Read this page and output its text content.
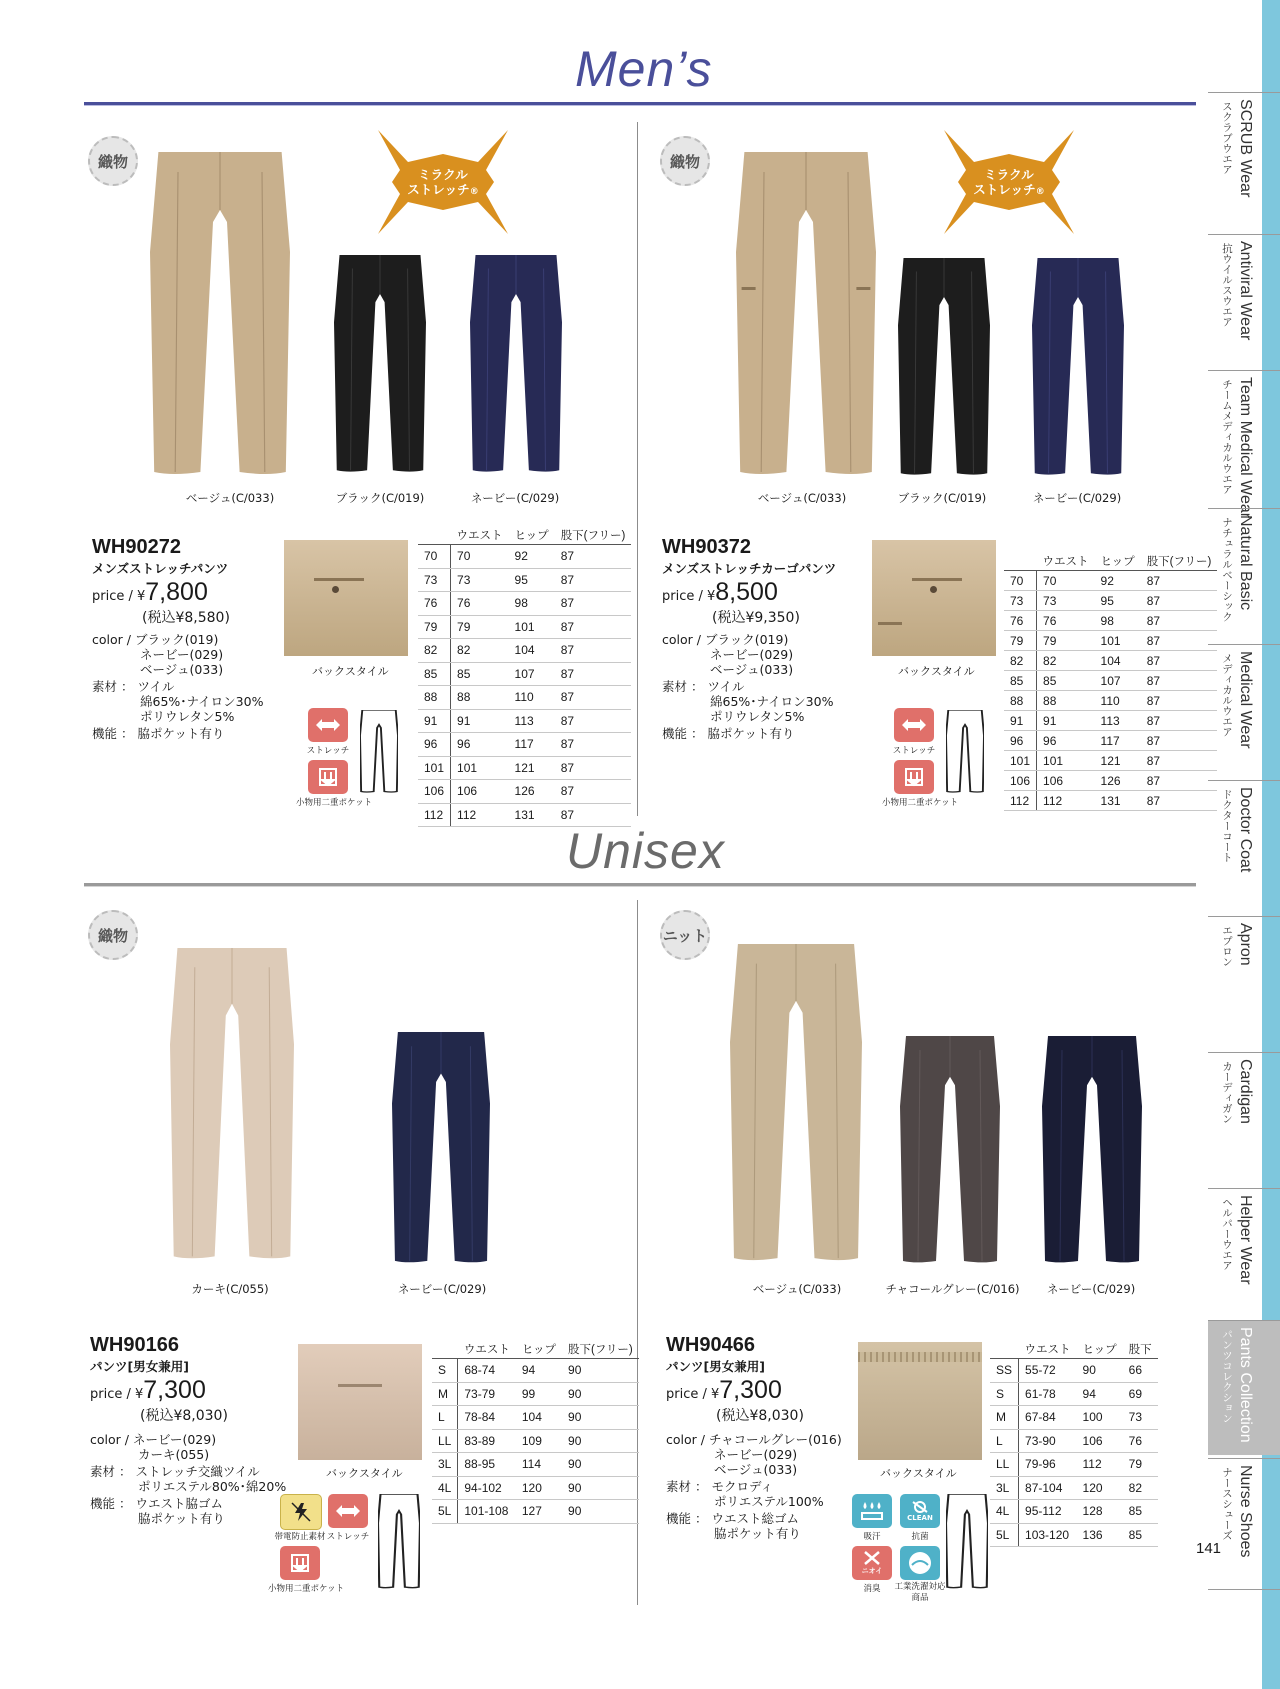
Men’s
Unisex
SCRUB Wear
スクラブウエア
Antiviral Wear
抗ウイルスウエア
Team Medical Wear
チームメディカルウエア
Natural Basic
ナチュラルベーシック
Medical Wear
メディカルウエア
Doctor Coat
ドクターコート
Apron
エプロン
Cardigan
カーディガン
Helper Wear
ヘルパーウエア
Pants Collection
パンツコレクション
Nurse Shoes
ナースシューズ
141
織物
ミラクル
ストレッチ®
ベージュ(C/033)	ブラック(C/019)	ネービー(C/029)
WH90272
メンズストレッチパンツ
price / ¥7,800
(税込¥8,580)
color / ブラック(019)
ネービー(029)
ベージュ(033)
素材 ： ツイル
綿65%･ナイロン30%
ポリウレタン5%
機能 ： 脇ポケット有り
バックスタイル
ストレッチ
小物用二重ポケット
	ウエスト	ヒップ	股下(フリー)
70	70	92	87
73	73	95	87
76	76	98	87
79	79	101	87
82	82	104	87
85	85	107	87
88	88	110	87
91	91	113	87
96	96	117	87
101	101	121	87
106	106	126	87
112	112	131	87
織物
ミラクル
ストレッチ®
ベージュ(C/033)	ブラック(C/019)	ネービー(C/029)
WH90372
メンズストレッチカーゴパンツ
price / ¥8,500
(税込¥9,350)
color / ブラック(019)
ネービー(029)
ベージュ(033)
素材 ： ツイル
綿65%･ナイロン30%
ポリウレタン5%
機能 ： 脇ポケット有り
バックスタイル
ストレッチ
小物用二重ポケット
	ウエスト	ヒップ	股下(フリー)
70	70	92	87
73	73	95	87
76	76	98	87
79	79	101	87
82	82	104	87
85	85	107	87
88	88	110	87
91	91	113	87
96	96	117	87
101	101	121	87
106	106	126	87
112	112	131	87
織物
カーキ(C/055)	ネービー(C/029)
WH90166
パンツ[男女兼用]
price / ¥7,300
(税込¥8,030)
color / ネービー(029)
カーキ(055)
素材 ： ストレッチ交織ツイル
ポリエステル80%･綿20%
機能 ： ウエスト脇ゴム
脇ポケット有り
バックスタイル
帯電防止素材 ストレッチ
小物用二重ポケット
	ウエスト	ヒップ	股下(フリー)
S	68-74	94	90
M	73-79	99	90
L	78-84	104	90
LL	83-89	109	90
3L	88-95	114	90
4L	94-102	120	90
5L	101-108	127	90
ニット
ベージュ(C/033)	チャコールグレー(C/016)	ネービー(C/029)
WH90466
パンツ[男女兼用]
price / ¥7,300
(税込¥8,030)
color / チャコールグレー(016)
ネービー(029)
ベージュ(033)
素材 ： モクロディ
ポリエステル100%
機能 ： ウエスト総ゴム
脇ポケット有り
バックスタイル
吸汗
CLEAN
抗菌
ニオイ
消臭	工業洗濯対応商品
	ウエスト	ヒップ	股下
SS	55-72	90	66
S	61-78	94	69
M	67-84	100	73
L	73-90	106	76
LL	79-96	112	79
3L	87-104	120	82
4L	95-112	128	85
5L	103-120	136	85
